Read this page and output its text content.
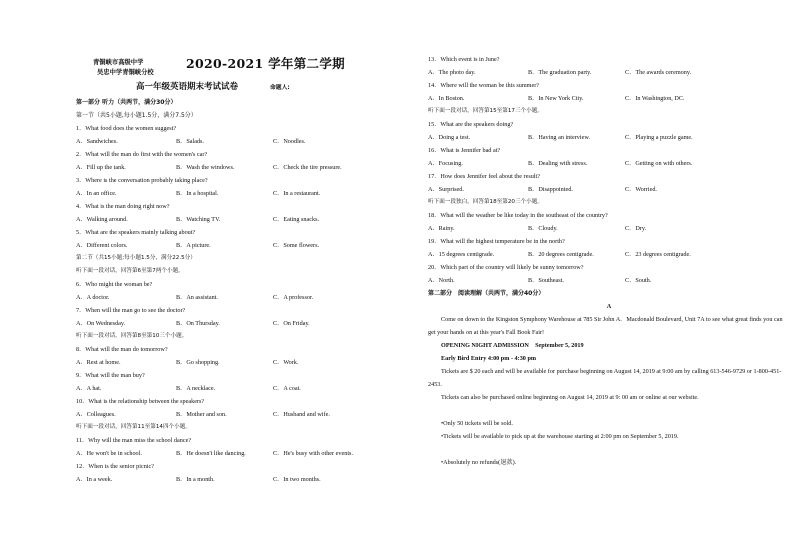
青铜峡市高级中学
吴忠中学青铜峡分校
2020-2021 学年第二学期
高一年级英语期末考试试卷	命题人:
第一部分 听力（共两节，满分30分）
第一节（共5小题,每小题1.5分，满分7.5分）
1．What food does the women suggest?
A．Sandwiches.	B．Salads.	C．Noodles.
2．What will the man do first with the women's car?
A．Fill up the tank.	B．Wash the windows.	C．Check the tire pressure.
3．Where is the conversation probably taking place?
A．In an office.	B．In a hospital.	C．In a restaurant.
4．What is the man doing right now?
A．Walking around.	B．Watching TV.	C．Eating snacks.
5．What are the speakers mainly talking about?
A．Different colors.	B．A picture.	C．Some flowers.
第二节（共15小题;每小题1.5分，满分22.5分）
听下面一段对话，回答第6至第7两个小题。
6．Who might the woman be?
A．A doctor.	B．An assistant.	C．A professor.
7．When will the man go to see the doctor?
A．On Wednesday.	B．On Thursday.	C．On Friday.
听下面一段对话，回答第8至第10三个小题。
8．What will the man do tomorrow?
A．Rest at home.	B．Go shopping.	C．Work.
9．What will the man buy?
A．A hat.	B．A necklace.	C．A coat.
10．What is the relationship between the speakers?
A．Colleagues.	B．Mother and son.	C．Husband and wife.
听下面一段对话，回答第11至第14四个小题。
11．Why will the man miss the school dance?
A．He won't be in school.	B．He doesn't like dancing.	C．He's busy with other events.
12．When is the senior picnic?
A．In a week.	B．In a month.	C．In two months.
13．Which event is in June?
A．The photo day.	B．The graduation party.	C．The awards ceremony.
14．Where will the woman be this summer?
A．In Boston.	B．In New York City.	C．In Washington, DC.
听下面一段对话，回答第15至第17三个小题。
15．What are the speakers doing?
A．Doing a test.	B．Having an interview.	C．Playing a puzzle game.
16．What is Jennifer bad at?
A．Focusing.	B．Dealing with stress.	C．Getting on with others.
17．How does Jennifer feel about the result?
A．Surprised.	B．Disappointed.	C．Worried.
听下面一段独白，回答第18至第20三个小题。
18．What will the weather be like today in the southeast of the country?
A．Rainy.	B．Cloudy.	C．Dry.
19．What will the highest temperature be in the north?
A．15 degrees centigrade.	B．20 degrees centigrade.	C．23 degrees centigrade.
20．Which part of the country will likely be sunny tomorrow?
A．North.	B．Southeast.	C．South.
第二部分　阅读理解（共两节，满分40分）
A
Come on down to the Kingston Symphony Warehouse at 785 Sir John A．Macdonald Boulevard, Unit 7A to see what great finds you can get your hands on at this year's Fall Book Fair!
OPENING NIGHT ADMISSION　September 5, 2019
Early Bird Entry 4:00 pm - 4:30 pm
Tickets are $ 20 each and will be available for purchase beginning on August 14, 2019 at 9:00 am by calling 613-546-9729 or 1-800-451-2453.
Tickets can also be purchased online beginning on August 14, 2019 at 9: 00 am or online at our website.
•Only 50 tickets will be sold.
•Tickets will be available to pick up at the warehouse starting at 2:00 pm on September 5, 2019.
•Absolutely no refunds(退款).
